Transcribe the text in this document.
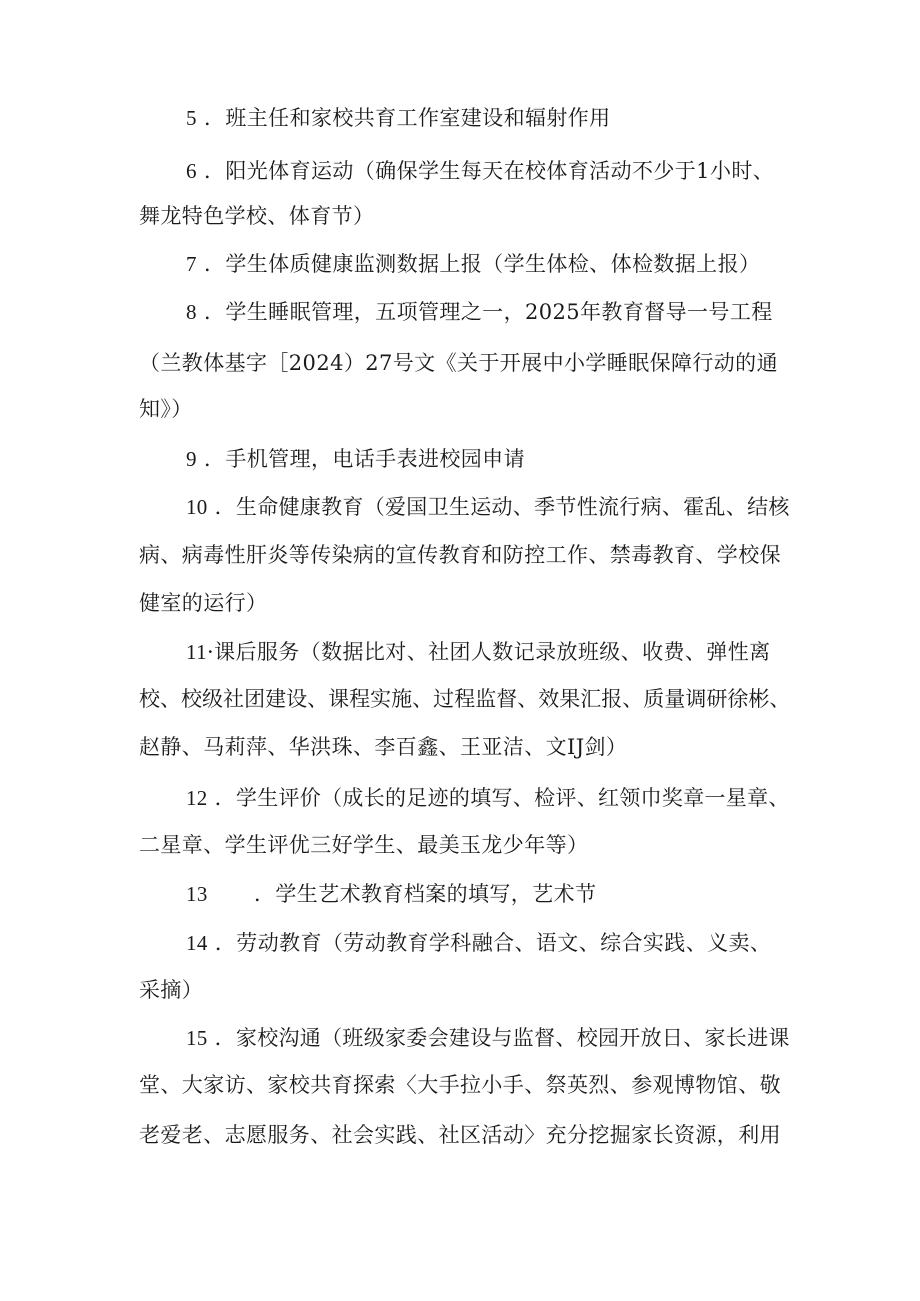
5 ．班主任和家校共育工作室建设和辐射作用
6 ．阳光体育运动（确保学生每天在校体育活动不少于1小时、
舞龙特色学校、体育节）
7 ．学生体质健康监测数据上报（学生体检、体检数据上报）
8 ．学生睡眠管理，五项管理之一，2025年教育督导一号工程
（兰教体基字［2024）27号文《关于开展中小学睡眠保障行动的通
知》）
9 ．手机管理，电话手表进校园申请
10 ．生命健康教育（爱国卫生运动、季节性流行病、霍乱、结核
病、病毒性肝炎等传染病的宣传教育和防控工作、禁毒教育、学校保
健室的运行）
11·课后服务（数据比对、社团人数记录放班级、收费、弹性离
校、校级社团建设、课程实施、过程监督、效果汇报、质量调研徐彬、
赵静、马莉萍、华洪珠、李百鑫、王亚洁、文IJ剑）
12 ．学生评价（成长的足迹的填写、检评、红领巾奖章一星章、
二星章、学生评优三好学生、最美玉龙少年等）
13 ．学生艺术教育档案的填写，艺术节
14 ．劳动教育（劳动教育学科融合、语文、综合实践、义卖、
采摘）
15 ．家校沟通（班级家委会建设与监督、校园开放日、家长进课
堂、大家访、家校共育探索〈大手拉小手、祭英烈、参观博物馆、敬
老爱老、志愿服务、社会实践、社区活动〉充分挖掘家长资源，利用
